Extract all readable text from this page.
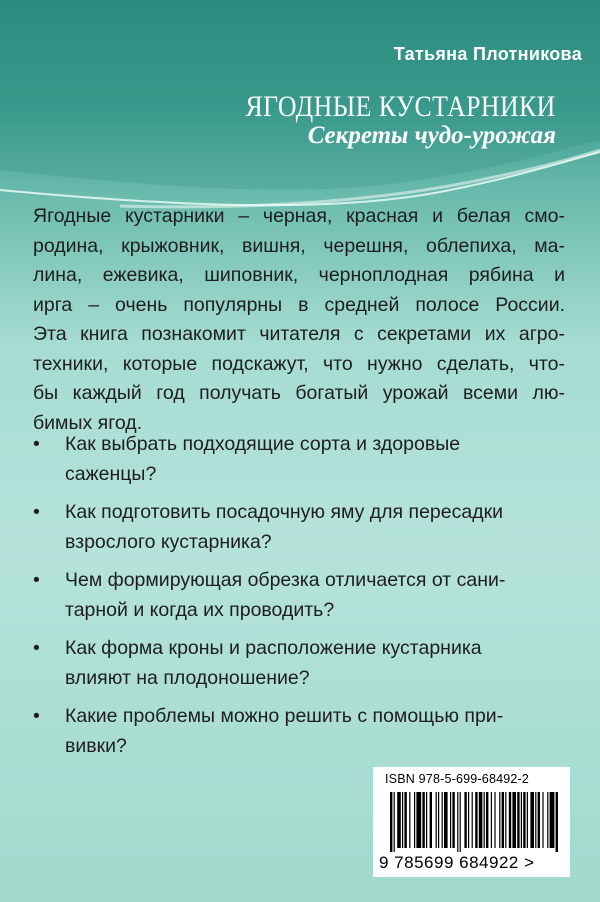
Татьяна Плотникова
ЯГОДНЫЕ КУСТАРНИКИ
Секреты чудо-урожая
Ягодные кустарники – черная, красная и белая смо-
родина, крыжовник, вишня, черешня, облепиха, ма-
лина, ежевика, шиповник, черноплодная рябина и
ирга – очень популярны в средней полосе России.
Эта книга познакомит читателя с секретами их агро-
техники, которые подскажут, что нужно сделать, что-
бы каждый год получать богатый урожай всеми лю-
бимых ягод.
• Как выбрать подходящие сорта и здоровые
саженцы?
• Как подготовить посадочную яму для пересадки
взрослого кустарника?
• Чем формирующая обрезка отличается от сани-
тарной и когда их проводить?
• Как форма кроны и расположение кустарника
влияют на плодоношение?
• Какие проблемы можно решить с помощью при-
вивки?
ISBN 978-5-699-68492-2
9 785699 684922 >
